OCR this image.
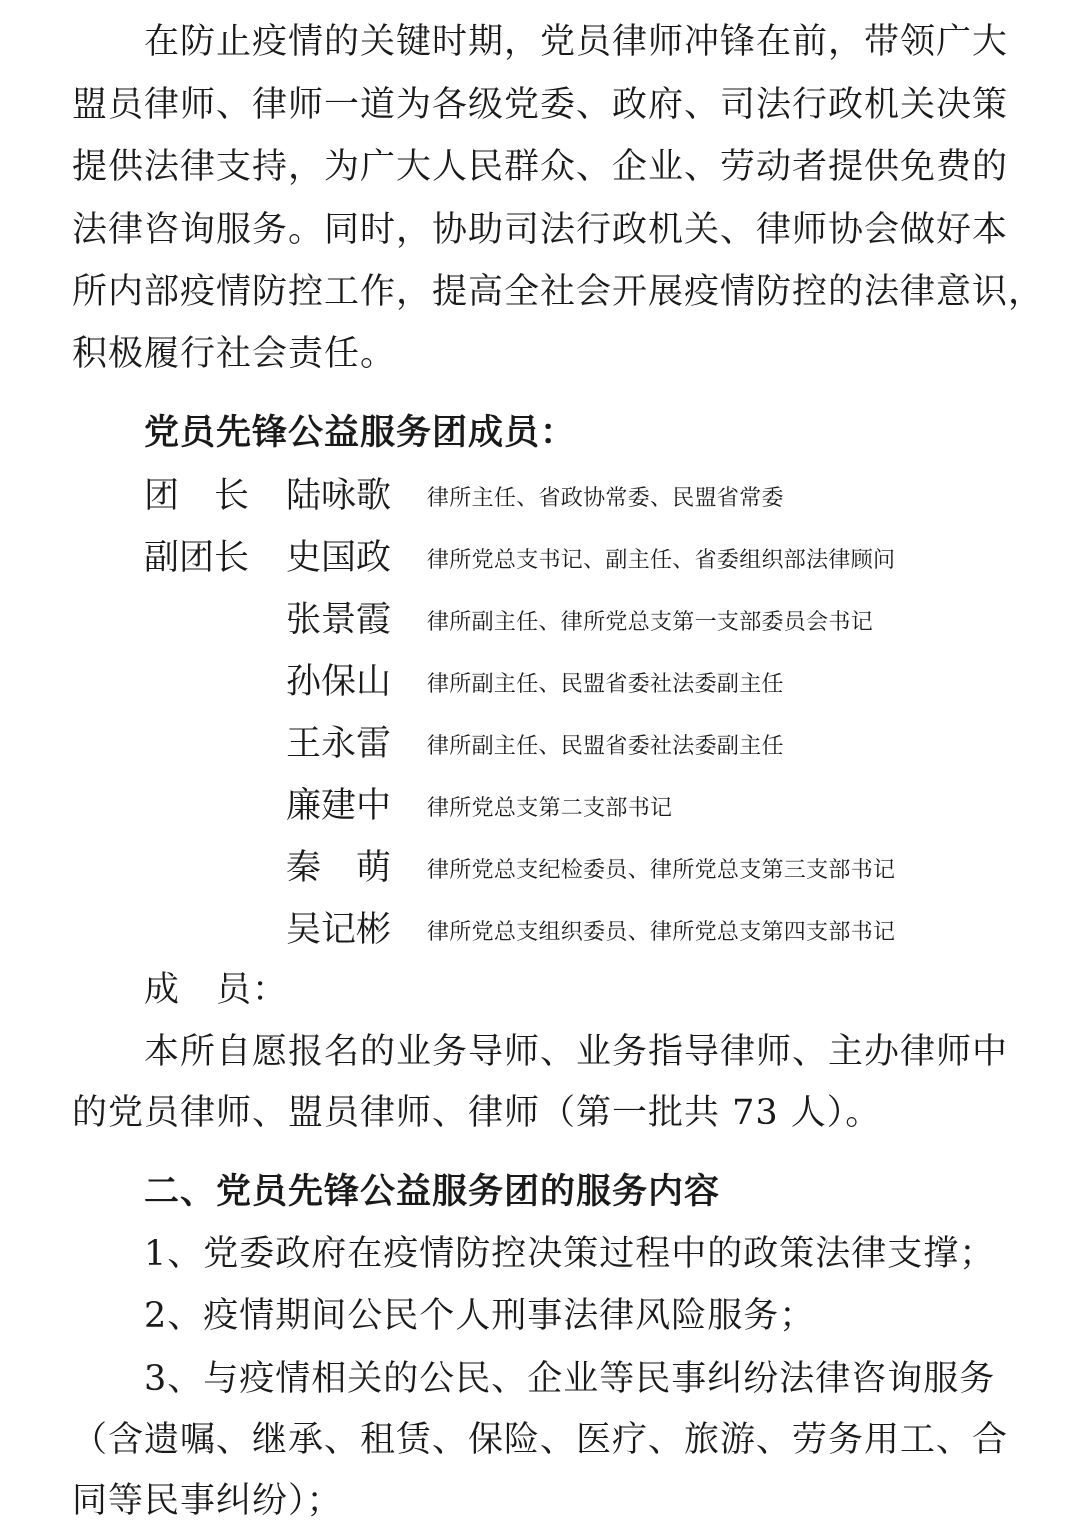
在防止疫情的关键时期，党员律师冲锋在前，带领广大
盟员律师、律师一道为各级党委、政府、司法行政机关决策
提供法律支持，为广大人民群众、企业、劳动者提供免费的
法律咨询服务。同时，协助司法行政机关、律师协会做好本
所内部疫情防控工作，提高全社会开展疫情防控的法律意识，
积极履行社会责任。
党员先锋公益服务团成员：
团　长 陆咏歌 律所主任、省政协常委、民盟省常委
副团长 史国政 律所党总支书记、副主任、省委组织部法律顾问
张景霞 律所副主任、律所党总支第一支部委员会书记
孙保山 律所副主任、民盟省委社法委副主任
王永雷 律所副主任、民盟省委社法委副主任
廉建中 律所党总支第二支部书记
秦　萌 律所党总支纪检委员、律所党总支第三支部书记
吴记彬 律所党总支组织委员、律所党总支第四支部书记
成　员：
本所自愿报名的业务导师、业务指导律师、主办律师中
的党员律师、盟员律师、律师（第一批共 73 人）。
二、党员先锋公益服务团的服务内容
1、党委政府在疫情防控决策过程中的政策法律支撑；
2、疫情期间公民个人刑事法律风险服务；
3、与疫情相关的公民、企业等民事纠纷法律咨询服务
（含遗嘱、继承、租赁、保险、医疗、旅游、劳务用工、合
同等民事纠纷）；
